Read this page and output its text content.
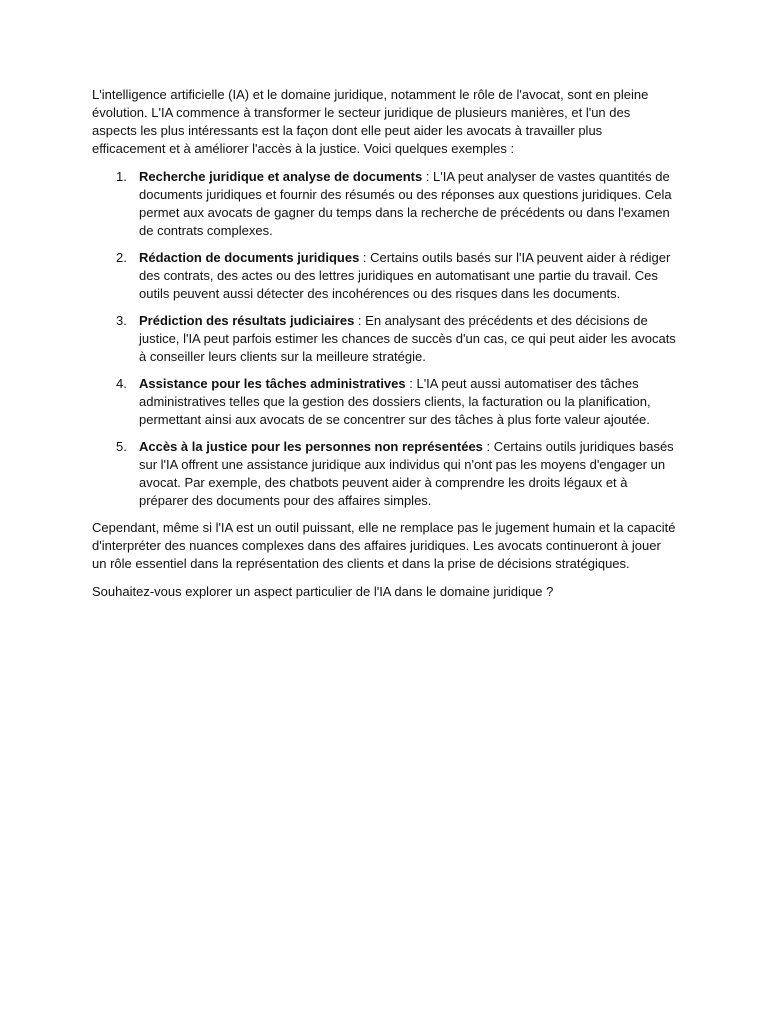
L'intelligence artificielle (IA) et le domaine juridique, notamment le rôle de l'avocat, sont en pleine évolution. L'IA commence à transformer le secteur juridique de plusieurs manières, et l'un des aspects les plus intéressants est la façon dont elle peut aider les avocats à travailler plus efficacement et à améliorer l'accès à la justice. Voici quelques exemples :

1. Recherche juridique et analyse de documents : L'IA peut analyser de vastes quantités de documents juridiques et fournir des résumés ou des réponses aux questions juridiques. Cela permet aux avocats de gagner du temps dans la recherche de précédents ou dans l'examen de contrats complexes.
2. Rédaction de documents juridiques : Certains outils basés sur l'IA peuvent aider à rédiger des contrats, des actes ou des lettres juridiques en automatisant une partie du travail. Ces outils peuvent aussi détecter des incohérences ou des risques dans les documents.
3. Prédiction des résultats judiciaires : En analysant des précédents et des décisions de justice, l'IA peut parfois estimer les chances de succès d'un cas, ce qui peut aider les avocats à conseiller leurs clients sur la meilleure stratégie.
4. Assistance pour les tâches administratives : L'IA peut aussi automatiser des tâches administratives telles que la gestion des dossiers clients, la facturation ou la planification, permettant ainsi aux avocats de se concentrer sur des tâches à plus forte valeur ajoutée.
5. Accès à la justice pour les personnes non représentées : Certains outils juridiques basés sur l'IA offrent une assistance juridique aux individus qui n'ont pas les moyens d'engager un avocat. Par exemple, des chatbots peuvent aider à comprendre les droits légaux et à préparer des documents pour des affaires simples.

Cependant, même si l'IA est un outil puissant, elle ne remplace pas le jugement humain et la capacité d'interpréter des nuances complexes dans des affaires juridiques. Les avocats continueront à jouer un rôle essentiel dans la représentation des clients et dans la prise de décisions stratégiques.

Souhaitez-vous explorer un aspect particulier de l'IA dans le domaine juridique ?
